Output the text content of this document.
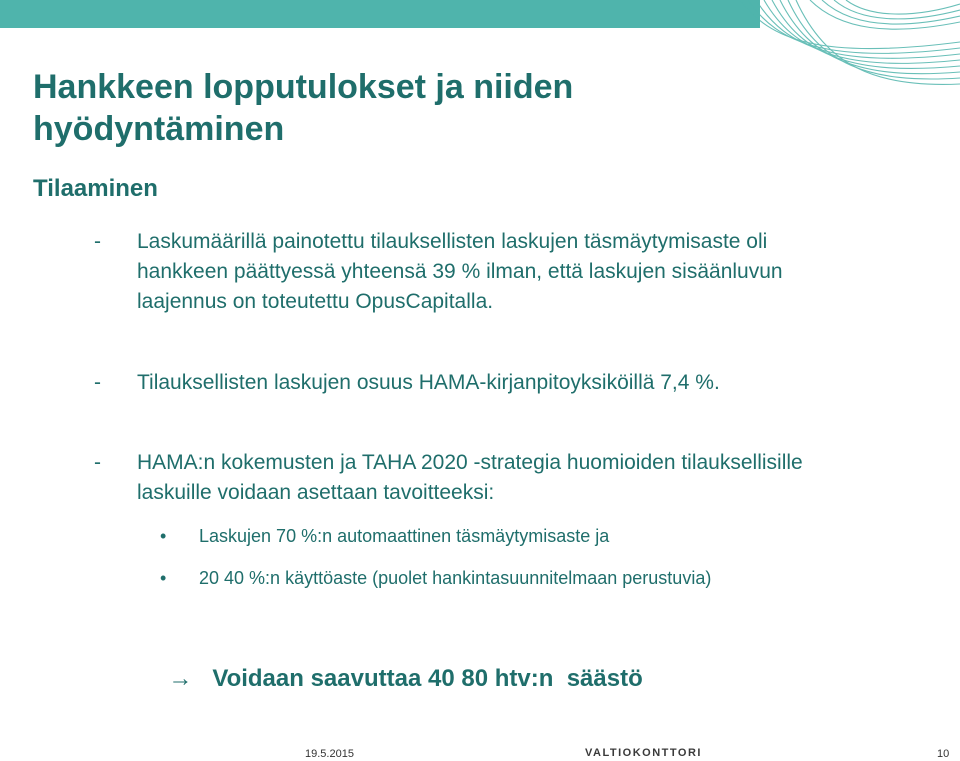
Hankkeen lopputulokset ja niiden hyödyntäminen
Tilaaminen
- Laskumäärillä painotettu tilauksellisten laskujen täsmäytymisaste oli hankkeen päättyessä yhteensä 39 % ilman, että laskujen sisäänluvun laajennus on toteutettu OpusCapitalla.
- Tilauksellisten laskujen osuus HAMA-kirjanpitoyksiköillä 7,4 %.
- HAMA:n kokemusten ja TAHA 2020 -strategia huomioiden tilauksellisille laskuille voidaan asettaan tavoitteeksi:
• Laskujen 70 %:n automaattinen täsmäytymisaste ja
• 20 40 %:n käyttöaste (puolet hankintasuunnitelmaan perustuvia)

→ Voidaan saavuttaa 40 80 htv:n  säästö

19.5.2015	VALTIOKONTTORI	10
